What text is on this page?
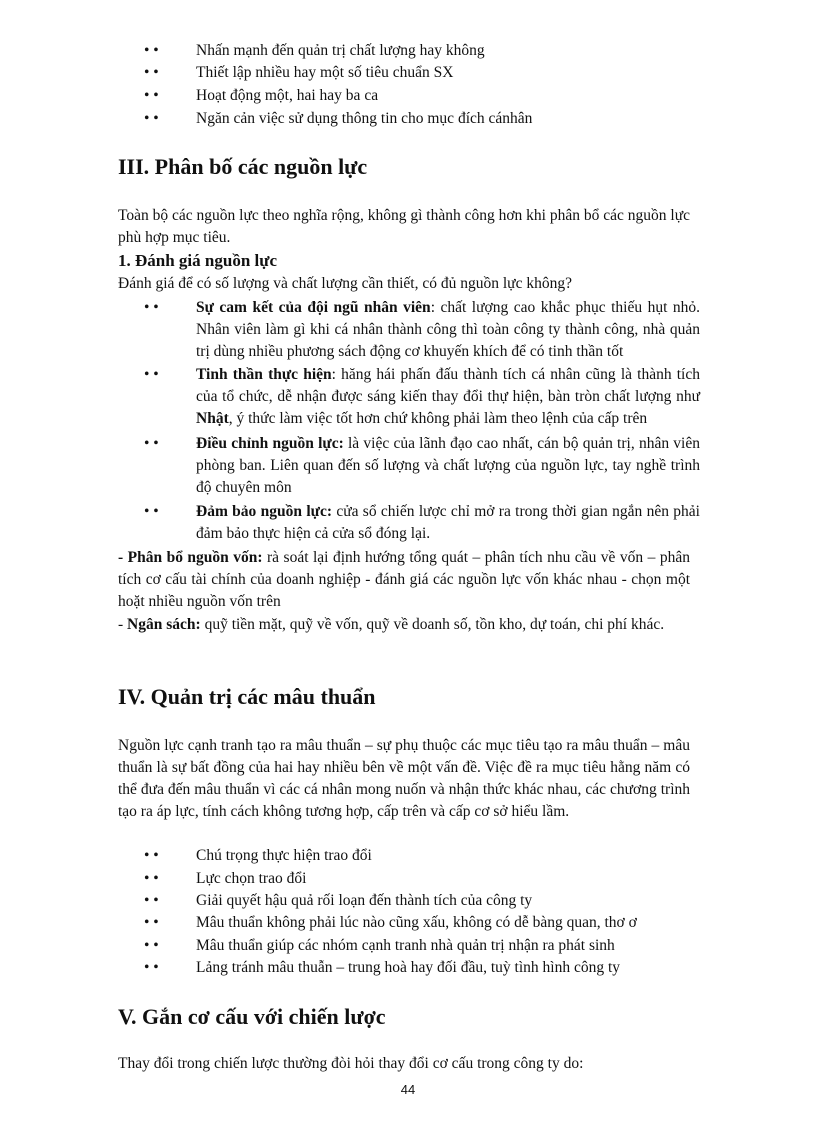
• •	Nhấn mạnh đến quản trị chất lượng hay không
• •	Thiết lập nhiều hay một số tiêu chuẩn SX
• •	Hoạt động một, hai hay ba ca
• •	Ngăn cản việc sử dụng thông tin cho mục đích cánhân
III. Phân bố các nguồn lực
Toàn bộ các nguồn lực theo nghĩa rộng, không gì thành công hơn khi phân bổ các nguồn lực phù hợp mục tiêu.
1. Đánh giá nguồn lực
Đánh giá để có số lượng và chất lượng cần thiết, có đủ nguồn lực không?
• •	Sự cam kết của đội ngũ nhân viên: chất lượng cao khắc phục thiếu hụt nhỏ. Nhân viên làm gì khi cá nhân thành công thì toàn công ty thành công, nhà quản trị dùng nhiều phương sách động cơ khuyến khích để có tinh thần tốt
• •	Tinh thần thực hiện: hăng hái phấn đấu thành tích cá nhân cũng là thành tích của tổ chức, dễ nhận được sáng kiến thay đổi thự hiện, bàn tròn chất lượng như Nhật, ý thức làm việc tốt hơn chứ không phải làm theo lệnh của cấp trên
• •	Điều chỉnh nguồn lực: là việc của lãnh đạo cao nhất, cán bộ quản trị, nhân viên phòng ban. Liên quan đến số lượng và chất lượng của nguồn lực, tay nghề trình độ chuyên môn
• •	Đảm bảo nguồn lực: cửa sổ chiến lược chỉ mở ra trong thời gian ngắn nên phải đảm bảo thực hiện cả cửa sổ đóng lại.
- Phân bổ nguồn vốn: rà soát lại định hướng tổng quát – phân tích nhu cầu về vốn – phân tích cơ cấu tài chính của doanh nghiệp - đánh giá các nguồn lực vốn khác nhau - chọn một hoặt nhiều nguồn vốn trên
- Ngân sách: quỹ tiền mặt, quỹ về vốn, quỹ về doanh số, tồn kho, dự toán, chi phí khác.
IV. Quản trị các mâu thuẩn
Nguồn lực cạnh tranh tạo ra mâu thuẩn – sự phụ thuộc các mục tiêu tạo ra mâu thuẩn – mâu thuẩn là sự bất đồng của hai hay nhiều bên về một vấn đề. Việc đề ra mục tiêu hằng năm có thể đưa đến mâu thuẩn vì các cá nhân mong nuốn và nhận thức khác nhau, các chương trình tạo ra áp lực, tính cách không tương hợp, cấp trên và cấp cơ sở hiểu lầm.
• •	Chú trọng thực hiện trao đổi
• •	Lực chọn trao đổi
• •	Giải quyết hậu quả rối loạn đến thành tích của công ty
• •	Mâu thuẩn không phải lúc nào cũng xấu, không có dễ bàng quan, thơ ơ
• •	Mâu thuẩn giúp các nhóm cạnh tranh nhà quản trị nhận ra phát sinh
• •	Lảng tránh mâu thuẫn – trung hoà hay đối đầu, tuỳ tình hình công ty
V. Gắn cơ cấu với chiến lược
Thay đổi trong chiến lược thường đòi hỏi thay đổi cơ cấu trong công ty do:
44
